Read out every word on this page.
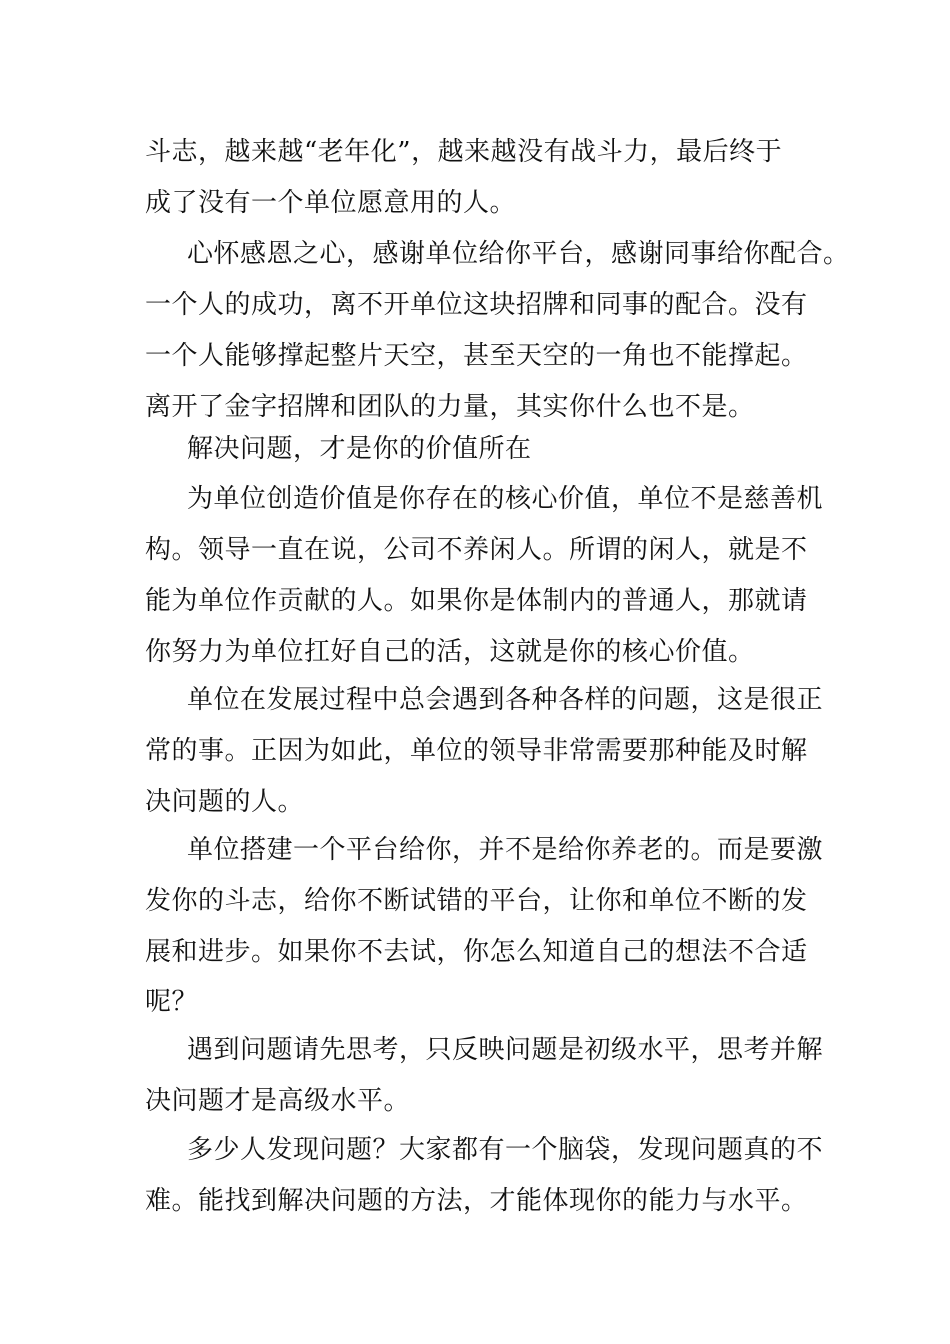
斗志，越来越“老年化”，越来越没有战斗力，最后终于
成了没有一个单位愿意用的人。
心怀感恩之心，感谢单位给你平台，感谢同事给你配合。
一个人的成功，离不开单位这块招牌和同事的配合。没有
一个人能够撑起整片天空，甚至天空的一角也不能撑起。
离开了金字招牌和团队的力量，其实你什么也不是。
解决问题，才是你的价值所在
为单位创造价值是你存在的核心价值，单位不是慈善机
构。领导一直在说，公司不养闲人。所谓的闲人，就是不
能为单位作贡献的人。如果你是体制内的普通人，那就请
你努力为单位扛好自己的活，这就是你的核心价值。
单位在发展过程中总会遇到各种各样的问题，这是很正
常的事。正因为如此，单位的领导非常需要那种能及时解
决问题的人。
单位搭建一个平台给你，并不是给你养老的。而是要激
发你的斗志，给你不断试错的平台，让你和单位不断的发
展和进步。如果你不去试，你怎么知道自己的想法不合适
呢？
遇到问题请先思考，只反映问题是初级水平，思考并解
决问题才是高级水平。
多少人发现问题？大家都有一个脑袋，发现问题真的不
难。能找到解决问题的方法，才能体现你的能力与水平。
